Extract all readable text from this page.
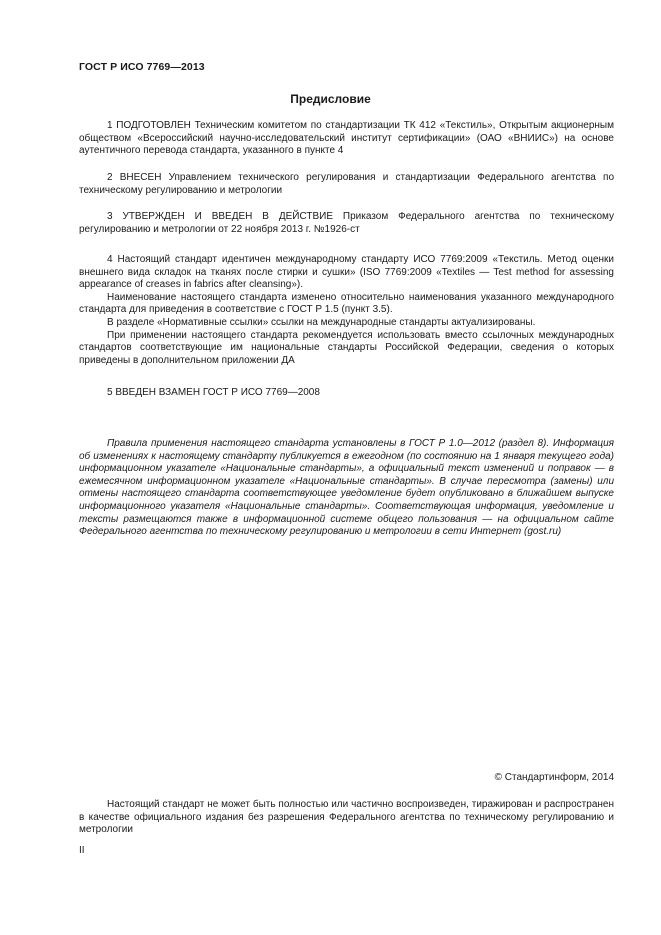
ГОСТ Р ИСО 7769—2013
Предисловие

1 ПОДГОТОВЛЕН Техническим комитетом по стандартизации ТК 412 «Текстиль», Открытым акционерным обществом «Всероссийский научно-исследовательский институт сертификации» (ОАО «ВНИИС») на основе аутентичного перевода стандарта, указанного в пункте 4

2 ВНЕСЕН Управлением технического регулирования и стандартизации Федерального агентства по техническому регулированию и метрологии

3 УТВЕРЖДЕН И ВВЕДЕН В ДЕЙСТВИЕ Приказом Федерального агентства по техническому регулированию и метрологии от 22 ноября 2013 г. №1926-ст

4 Настоящий стандарт идентичен международному стандарту ИСО 7769:2009 «Текстиль. Метод оценки внешнего вида складок на тканях после стирки и сушки» (ISO 7769:2009 «Textiles — Test method for assessing appearance of creases in fabrics after cleansing»).

Наименование настоящего стандарта изменено относительно наименования указанного международного стандарта для приведения в соответствие с ГОСТ Р 1.5 (пункт 3.5).

В разделе «Нормативные ссылки» ссылки на международные стандарты актуализированы.

При применении настоящего стандарта рекомендуется использовать вместо ссылочных международных стандартов соответствующие им национальные стандарты Российской Федерации, сведения о которых приведены в дополнительном приложении ДА

5 ВВЕДЕН ВЗАМЕН ГОСТ Р ИСО 7769—2008

Правила применения настоящего стандарта установлены в ГОСТ Р 1.0—2012 (раздел 8). Информация об изменениях к настоящему стандарту публикуется в ежегодном (по состоянию на 1 января текущего года) информационном указателе «Национальные стандарты», а официальный текст изменений и поправок — в ежемесячном информационном указателе «Национальные стандарты». В случае пересмотра (замены) или отмены настоящего стандарта соответствующее уведомление будет опубликовано в ближайшем выпуске информационного указателя «Национальные стандарты». Соответствующая информация, уведомление и тексты размещаются также в информационной системе общего пользования — на официальном сайте Федерального агентства по техническому регулированию и метрологии в сети Интернет (gost.ru)

© Стандартинформ, 2014

Настоящий стандарт не может быть полностью или частично воспроизведен, тиражирован и распространен в качестве официального издания без разрешения Федерального агентства по техническому регулированию и метрологии

II
